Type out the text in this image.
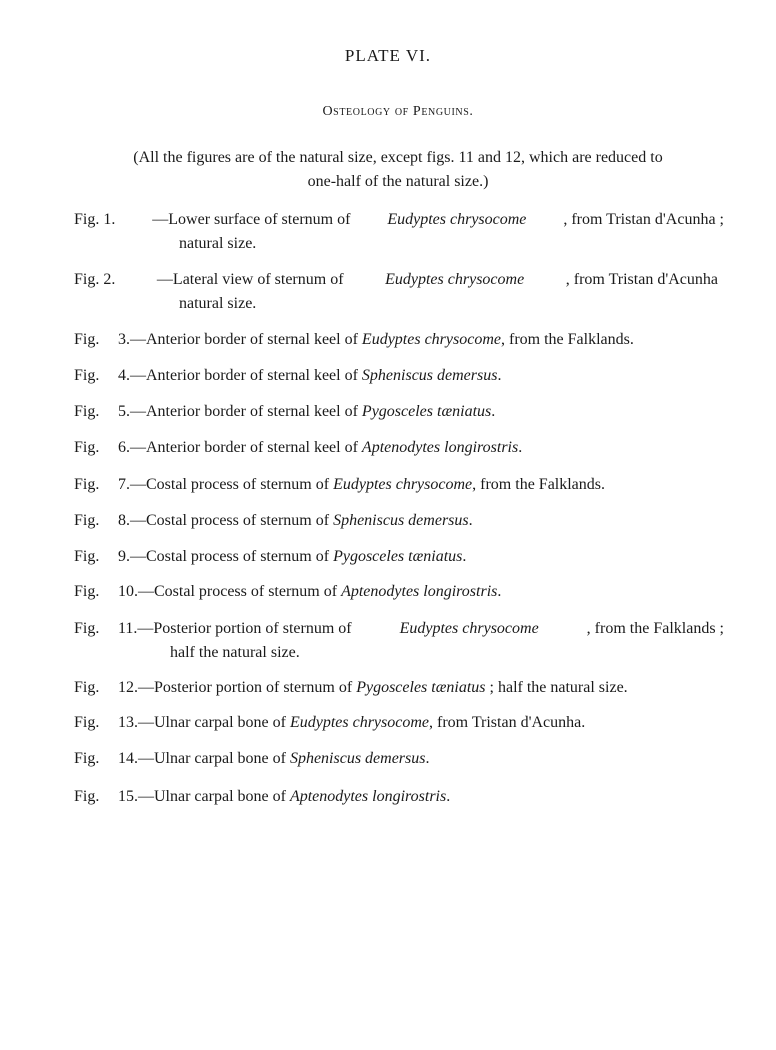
PLATE VI.
Osteology of Penguins.
(All the figures are of the natural size, except figs. 11 and 12, which are reduced to
one-half of the natural size.)
Fig. 1. —Lower surface of sternum of Eudyptes chrysocome , from Tristan d'Acunha ;
natural size.
Fig. 2.	—Lateral view of sternum of	Eudyptes chrysocome	, from Tristan d'Acunha
natural size.
Fig. 3.—Anterior border of sternal keel of Eudyptes chrysocome, from the Falklands.
Fig. 4.—Anterior border of sternal keel of Spheniscus demersus.
Fig. 5.—Anterior border of sternal keel of Pygosceles tæniatus.
Fig. 6.—Anterior border of sternal keel of Aptenodytes longirostris.
Fig. 7.—Costal process of sternum of Eudyptes chrysocome, from the Falklands.
Fig. 8.—Costal process of sternum of Spheniscus demersus.
Fig. 9.—Costal process of sternum of Pygosceles tæniatus.
Fig. 10.—Costal process of sternum of Aptenodytes longirostris.
Fig. 11.—Posterior portion of sternum of	Eudyptes chrysocome	, from the Falklands ;
half the natural size.
Fig. 12.—Posterior portion of sternum of Pygosceles tæniatus ; half the natural size.
Fig. 13.—Ulnar carpal bone of Eudyptes chrysocome, from Tristan d'Acunha.
Fig. 14.—Ulnar carpal bone of Spheniscus demersus.
Fig. 15.—Ulnar carpal bone of Aptenodytes longirostris.
